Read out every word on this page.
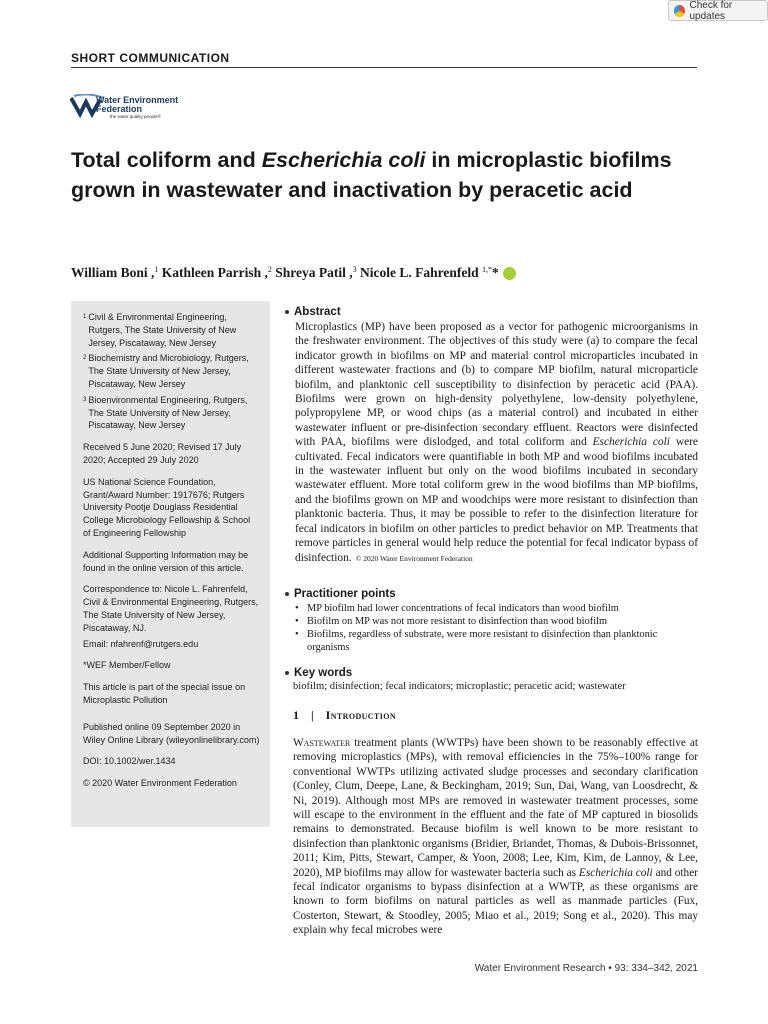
Check for updates
SHORT COMMUNICATION
Water Environment
Federation
the water quality people®
Total coliform and Escherichia coli in microplastic biofilms grown in wastewater and inactivation by peracetic acid
William Boni ,$^1$
Kathleen Parrish ,$^2$
Shreya Patil ,$^3$
Nicole L. Fahrenfeld $^{1,*}$*
1 Civil & Environmental Engineering, Rutgers, The State University of New Jersey, Piscataway, New Jersey
2 Biochemistry and Microbiology, Rutgers, The State University of New Jersey, Piscataway, New Jersey
3 Bioenvironmental Engineering, Rutgers, The State University of New Jersey, Piscataway, New Jersey

Received 5 June 2020; Revised 17 July 2020; Accepted 29 July 2020

US National Science Foundation, Grant/Award Number: 1917676; Rutgers University Pootje Douglass Residential College Microbiology Fellowship & School of Engineering Fellowship

Additional Supporting Information may be found in the online version of this article.

Correspondence to: Nicole L. Fahrenfeld, Civil & Environmental Engineering, Rutgers, The State University of New Jersey, Piscataway, NJ.

Email: nfahrenf@rutgers.edu

*WEF Member/Fellow

This article is part of the special issue on Microplastic Pollution

Published online 09 September 2020 in Wiley Online Library (wileyonlinelibrary.com)

DOI: 10.1002/wer.1434

© 2020 Water Environment Federation

Abstract
Microplastics (MP) have been proposed as a vector for pathogenic microorganisms in the freshwater environment. The objectives of this study were (a) to compare the fecal indicator growth in biofilms on MP and material control microparticles incubated in different wastewater fractions and (b) to compare MP biofilm, natural microparticle biofilm, and planktonic cell susceptibility to disinfection by peracetic acid (PAA). Biofilms were grown on high-density polyethylene, low-density polyethylene, polypropylene MP, or wood chips (as a material control) and incubated in either wastewater influent or pre-disinfection secondary effluent. Reactors were disinfected with PAA, biofilms were dislodged, and total coliform and Escherichia coli were cultivated. Fecal indicators were quantifiable in both MP and wood biofilms incubated in the wastewater influent but only on the wood biofilms incubated in secondary wastewater effluent. More total coliform grew in the wood biofilms than MP biofilms, and the biofilms grown on MP and woodchips were more resistant to disinfection than planktonic bacteria. Thus, it may be possible to refer to the disinfection literature for fecal indicators in biofilm on other particles to predict behavior on MP. Treatments that remove particles in general would help reduce the potential for fecal indicator bypass of disinfection. © 2020 Water Environment Federation
Practitioner points
• MP biofilm had lower concentrations of fecal indicators than wood biofilm
• Biofilm on MP was not more resistant to disinfection than wood biofilm
• Biofilms, regardless of substrate, were more resistant to disinfection than planktonic organisms
Key words
biofilm; disinfection; fecal indicators; microplastic; peracetic acid; wastewater
1 | Introduction
Wastewater treatment plants (WWTPs) have been shown to be reasonably effective at removing microplastics (MPs), with removal efficiencies in the 75%–100% range for conventional WWTPs utilizing activated sludge processes and secondary clarification (Conley, Clum, Deepe, Lane, & Beckingham, 2019; Sun, Dai, Wang, van Loosdrecht, & Ni, 2019). Although most MPs are removed in wastewater treatment processes, some will escape to the environment in the effluent and the fate of MP captured in biosolids remains to demonstrated. Because biofilm is well known to be more resistant to disinfection than planktonic organisms (Bridier, Briandet, Thomas, & Dubois-Brissonnet, 2011; Kim, Pitts, Stewart, Camper, & Yoon, 2008; Lee, Kim, Kim, de Lannoy, & Lee, 2020), MP biofilms may allow for wastewater bacteria such as Escherichia coli and other fecal indicator organisms to bypass disinfection at a WWTP, as these organisms are known to form biofilms on natural particles as well as manmade particles (Fux, Costerton, Stewart, & Stoodley, 2005; Miao et al., 2019; Song et al., 2020). This may explain why fecal microbes were
Water Environment Research • 93: 334–342, 2021
